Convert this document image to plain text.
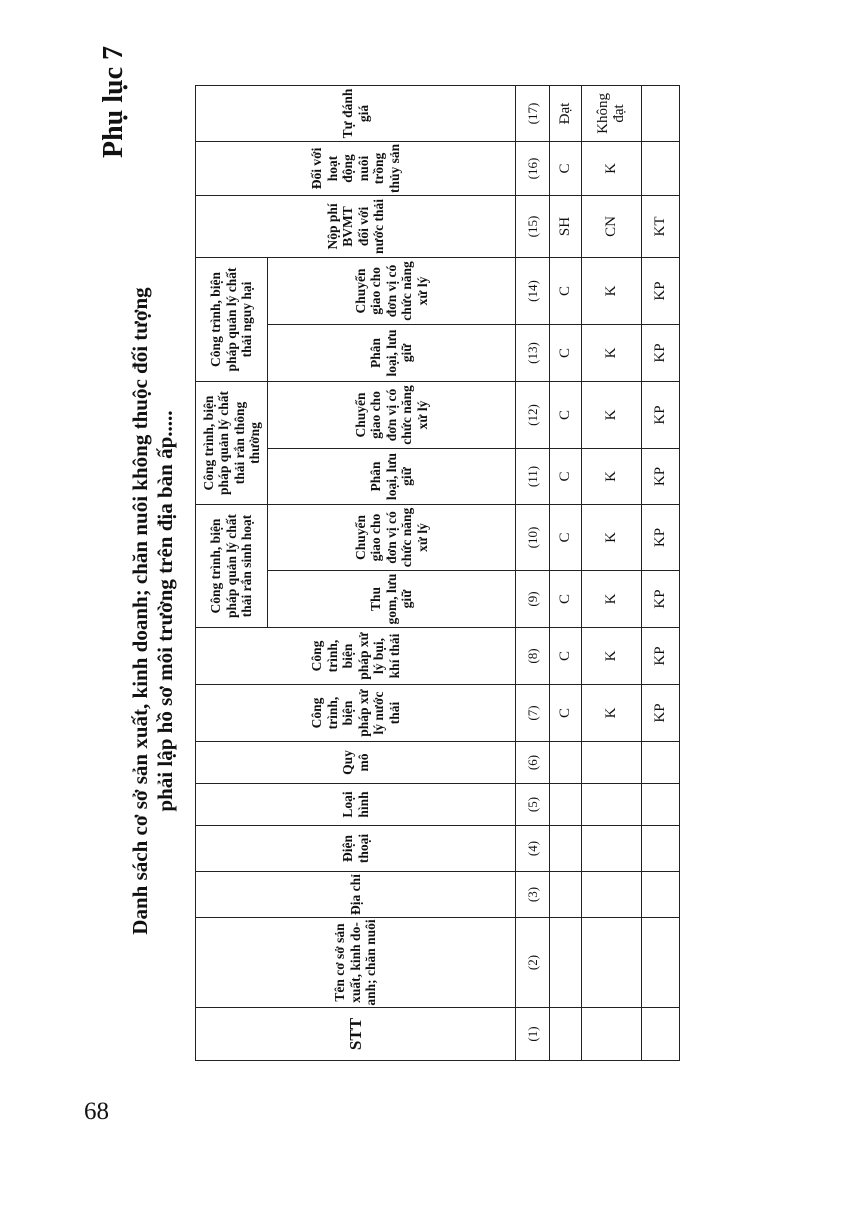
68
Phụ lục 7
Danh sách cơ sở sản xuất, kinh doanh; chăn nuôi không thuộc đối tượng phải lập hồ sơ môi trường trên địa bàn ấp.....
STT	Tên cơ sở sản xuất, kinh do-anh; chăn nuôi	Địa chỉ	Điện thoại	Loại hình	Quy mô	Công trình, biện pháp xử lý nước thải	Công trình, biện pháp xử lý bụi, khí thải	Công trình, biện pháp quản lý chất thải rắn sinh hoạt		Công trình, biện pháp quản lý chất thải rắn thông thường		Công trình, biện pháp quản lý chất thải nguy hại		Nộp phí BVMT đối với nước thải	Đối với hoạt động nuôi trồng thủy sản	Tự đánh giá
								Thu gom, lưu giữ	Chuyển giao cho đơn vị có chức năng xử lý	Phân loại, lưu giữ	Chuyển giao cho đơn vị có chức năng xử lý	Phân loại, lưu giữ	Chuyển giao cho đơn vị có chức năng xử lý			
(1)	(2)	(3)	(4)	(5)	(6)	(7)	(8)	(9)	(10)	(11)	(12)	(13)	(14)	(15)	(16)	(17)
						C	C	C	C	C	C	C	C	SH	C	Đạt
						K	K	K	K	K	K	K	K	CN	K	Không đạt
						KP	KP	KP	KP	KP	KP	KP	KP	KT		
